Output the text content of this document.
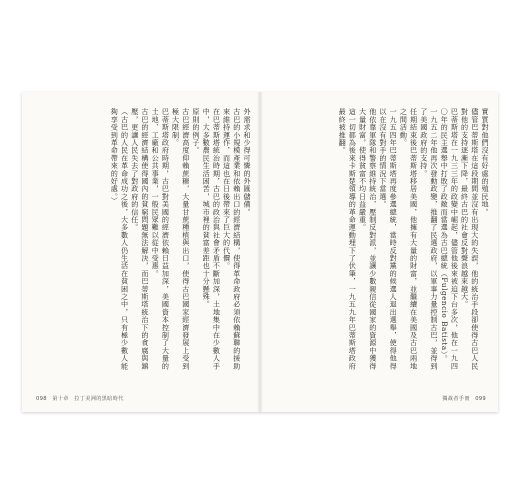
外需求和少得可憐的外匯儲備。
古巴的小規模產業和依賴出口的經濟結構，使得革命政府必須依賴蘇聯的援助來維持運作，而這也在日後帶來了巨大的代價。
在巴蒂斯塔統治時期，古巴的政治與社會矛盾不斷加深，土地集中在少數人手中，大多數農民生活困苦，城市裡的貧富差距也十分懸殊。
原則的例子。
古巴經濟高度仰賴蔗糖，大量甘蔗種植與出口，使得古巴國家經濟發展上受到極大限制。
巴蒂斯塔政府時期，古巴對美國的經濟依賴日益加深，美國資本控制了大量的土地、工廠和公共事業，一般民眾難以從中受惠。
古巴的經濟結構使得國內的貧窮問題無法解決，而巴蒂斯塔統治下的貪腐與鎮壓，更讓人民失去了對政府的信任。
（古巴的人民在革命成功之後，大多數人仍生活在貧困之中，只有極少數人能夠享受到革命帶來的好處。）
098　第十章　拉丁美洲的黑暗時代
實質對他們沒有好處的殖民地。
儘管巴蒂斯塔在這段期間並沒有出現大的失誤，他的統治手段卻使得古巴人民對他的支持逐漸下降，最終古巴的社會反對聲浪越來越大。
巴蒂斯塔在一九三三年的政變中崛起，儘管他後來被迫下台多次，他在一九四〇年的民主選舉中打敗了政敵而當選為古巴總統（Fulgencio Batista）。
一九五二年他再次發動政變，推翻了民選政府，以軍事力量控制古巴，並得到了美國政府的支持。
任期結束後巴蒂斯塔移居美國，他擁有大量的財富，並繼續在美國及古巴兩地之間活動。
一九五四年巴蒂斯塔再度參選總統，當時反對黨的候選人退出選舉，使得他得以在沒有對手的情況下當選。
他依靠軍隊和警察維持統治，壓制反對派，並讓少數親信從國家的資源中獲得大量財富，使得貧富不均日益嚴重。
這一切都為後來卡斯楚領導的革命運動埋下了伏筆，一九五九年巴蒂斯塔政府最終被推翻。
獨裁者手冊　099
